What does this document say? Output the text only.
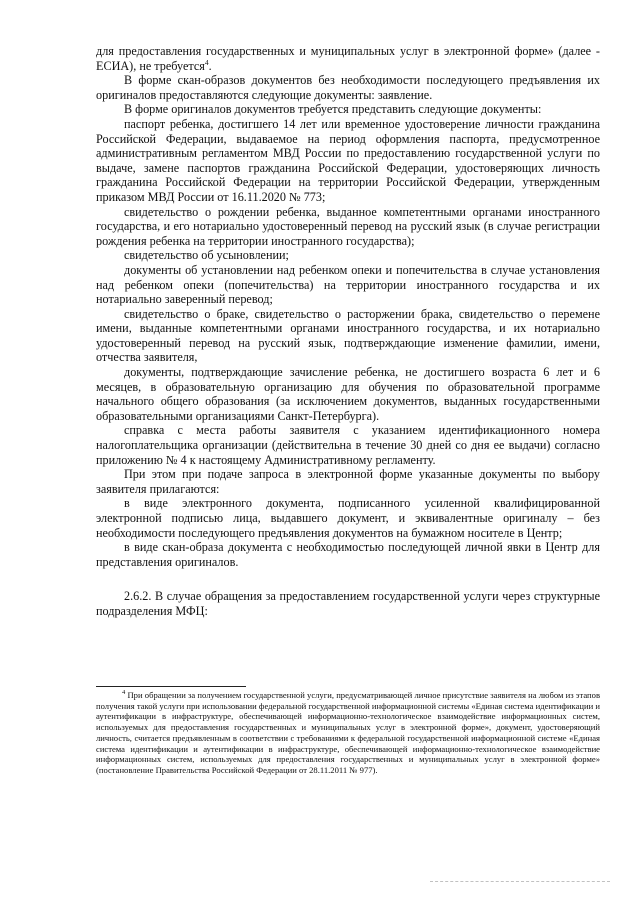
для предоставления государственных и муниципальных услуг в электронной форме» (далее - ЕСИА), не требуется$^4$.

В форме скан-образов документов без необходимости последующего предъявления их оригиналов предоставляются следующие документы: заявление.

В форме оригиналов документов требуется представить следующие документы:

паспорт ребенка, достигшего 14 лет или временное удостоверение личности гражданина Российской Федерации, выдаваемое на период оформления паспорта, предусмотренное административным регламентом МВД России по предоставлению государственной услуги по выдаче, замене паспортов гражданина Российской Федерации, удостоверяющих личность гражданина Российской Федерации на территории Российской Федерации, утвержденным приказом МВД России от 16.11.2020 № 773;

свидетельство о рождении ребенка, выданное компетентными органами иностранного государства, и его нотариально удостоверенный перевод на русский язык (в случае регистрации рождения ребенка на территории иностранного государства);

свидетельство об усыновлении;

документы об установлении над ребенком опеки и попечительства в случае установления над ребенком опеки (попечительства) на территории иностранного государства и их нотариально заверенный перевод;

свидетельство о браке, свидетельство о расторжении брака, свидетельство о перемене имени, выданные компетентными органами иностранного государства, и их нотариально удостоверенный перевод на русский язык, подтверждающие изменение фамилии, имени, отчества заявителя,

документы, подтверждающие зачисление ребенка, не достигшего возраста 6 лет и 6 месяцев, в образовательную организацию для обучения по образовательной программе начального общего образования (за исключением документов, выданных государственными образовательными организациями Санкт-Петербурга).

справка с места работы заявителя с указанием идентификационного номера налогоплательщика организации (действительна в течение 30 дней со дня ее выдачи) согласно приложению № 4 к настоящему Административному регламенту.

При этом при подаче запроса в электронной форме указанные документы по выбору заявителя прилагаются:

в виде электронного документа, подписанного усиленной квалифицированной электронной подписью лица, выдавшего документ, и эквивалентные оригиналу – без необходимости последующего предъявления документов на бумажном носителе в Центр;

в виде скан-образа документа с необходимостью последующей личной явки в Центр для представления оригиналов.

2.6.2. В случае обращения за предоставлением государственной услуги через структурные подразделения МФЦ:

$^4$ При обращении за получением государственной услуги, предусматривающей личное присутствие заявителя на любом из этапов получения такой услуги при использовании федеральной государственной информационной системы «Единая система идентификации и аутентификации в инфраструктуре, обеспечивающей информационно-технологическое взаимодействие информационных систем, используемых для предоставления государственных и муниципальных услуг в электронной форме», документ, удостоверяющий личность, считается предъявленным в соответствии с требованиями к федеральной государственной информационной системе «Единая система идентификации и аутентификации в инфраструктуре, обеспечивающей информационно-технологическое взаимодействие информационных систем, используемых для предоставления государственных и муниципальных услуг в электронной форме» (постановление Правительства Российской Федерации от 28.11.2011 № 977).
